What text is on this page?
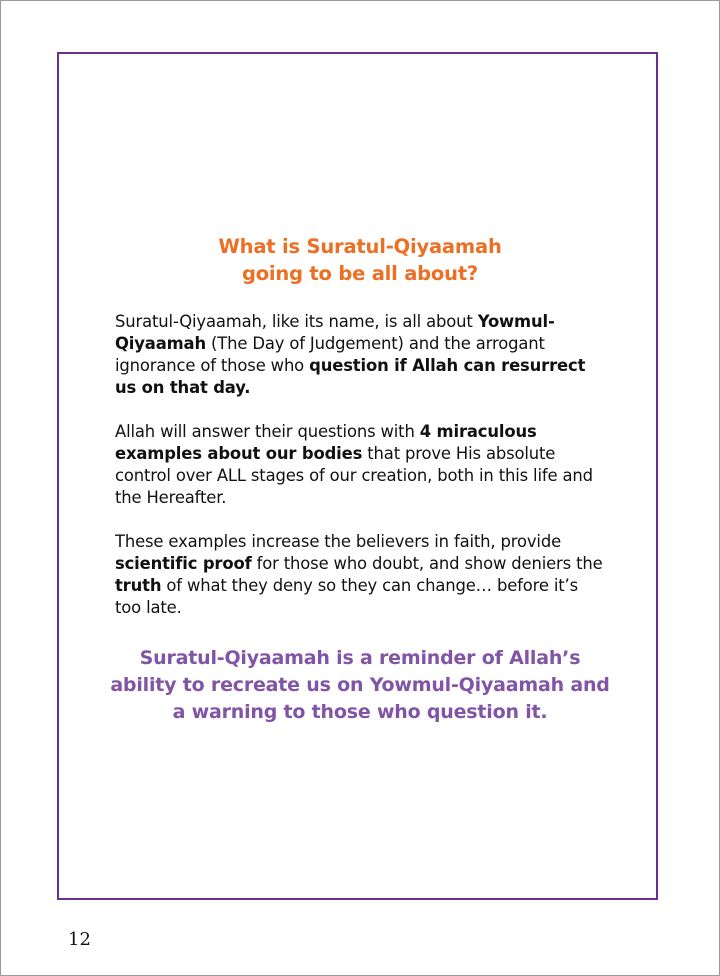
What is Suratul-Qiyaamah
going to be all about?

Suratul-Qiyaamah, like its name, is all about Yowmul-Qiyaamah (The Day of Judgement) and the arrogant ignorance of those who question if Allah can resurrect us on that day.

Allah will answer their questions with 4 miraculous examples about our bodies that prove His absolute control over ALL stages of our creation, both in this life and the Hereafter.

These examples increase the believers in faith, provide scientific proof for those who doubt, and show deniers the truth of what they deny so they can change… before it’s too late.

Suratul-Qiyaamah is a reminder of Allah’s ability to recreate us on Yowmul-Qiyaamah and a warning to those who question it.

12
